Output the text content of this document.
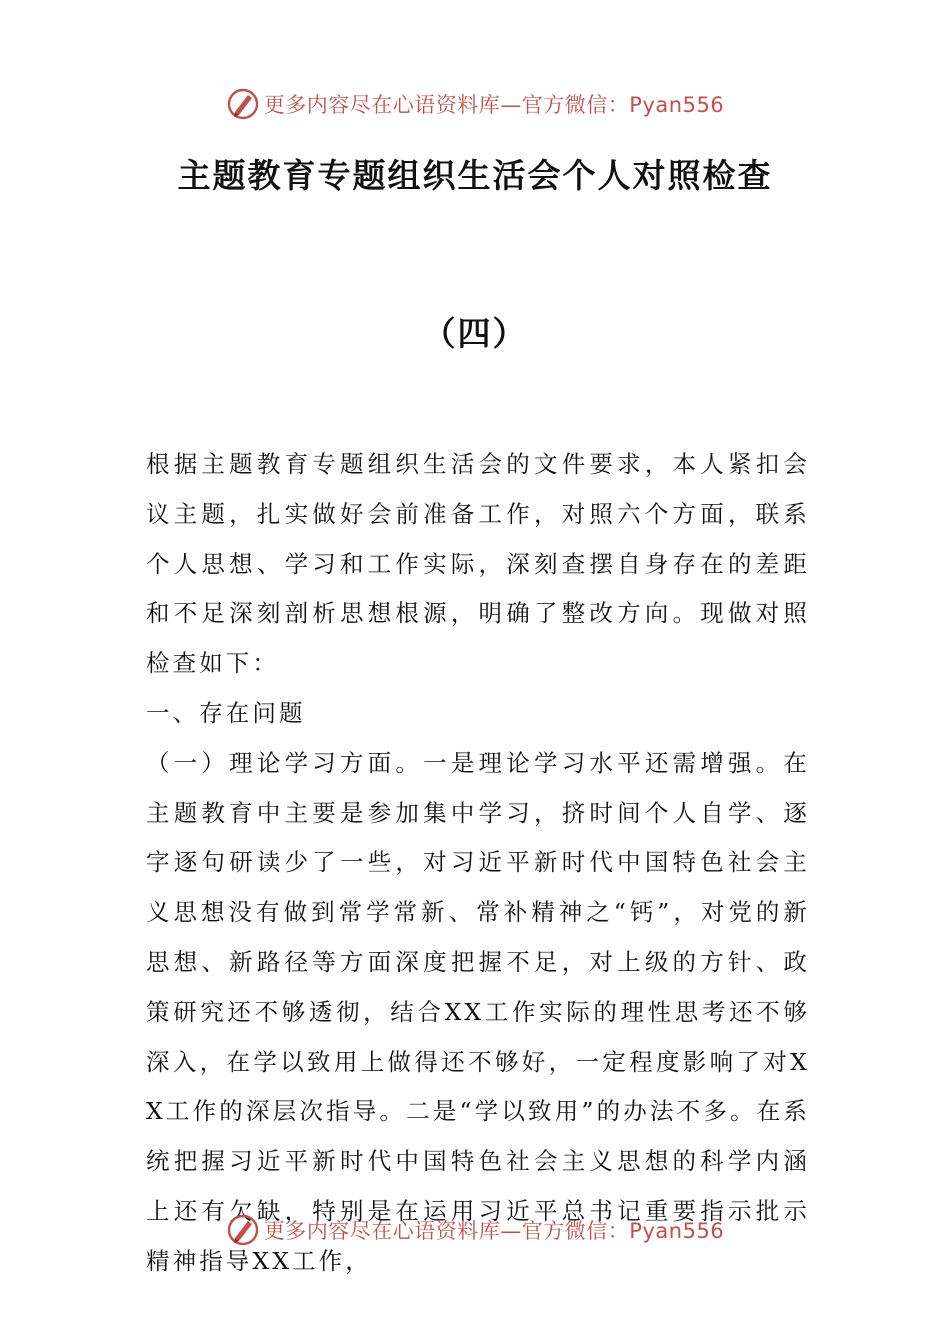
更多内容尽在心语资料库—官方微信：Pyan556
主题教育专题组织生活会个人对照检查
（四）

根据主题教育专题组织生活会的文件要求，本人紧扣会议主题，扎实做好会前准备工作，对照六个方面，联系个人思想、学习和工作实际，深刻查摆自身存在的差距和不足深刻剖析思想根源，明确了整改方向。现做对照检查如下：

一、存在问题

（一）理论学习方面。一是理论学习水平还需增强。在主题教育中主要是参加集中学习，挤时间个人自学、逐字逐句研读少了一些，对习近平新时代中国特色社会主义思想没有做到常学常新、常补精神之“钙”，对党的新思想、新路径等方面深度把握不足，对上级的方针、政策研究还不够透彻，结合XX工作实际的理性思考还不够深入，在学以致用上做得还不够好，一定程度影响了对XX工作的深层次指导。二是“学以致用”的办法不多。在系统把握习近平新时代中国特色社会主义思想的科学内涵上还有欠缺，特别是在运用习近平总书记重要指示批示精神指导XX工作，

更多内容尽在心语资料库—官方微信：Pyan556
